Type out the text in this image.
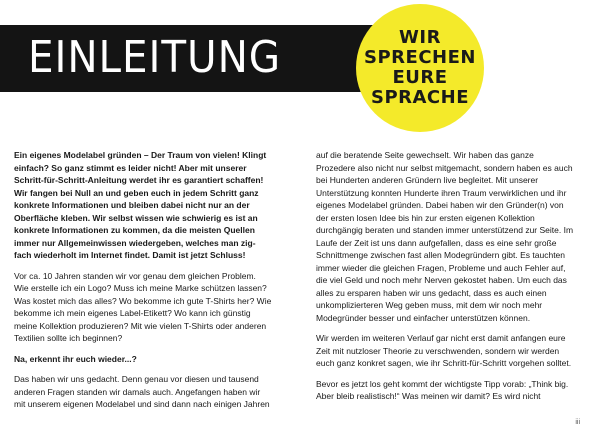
EINLEITUNG	WIR
SPRECHEN
EURE
SPRACHE

Ein eigenes Modelabel gründen – Der Traum von vielen! Klingt einfach? So ganz stimmt es leider nicht! Aber mit unserer Schritt-für-Schritt-Anleitung werdet ihr es garantiert schaffen! Wir fangen bei Null an und geben euch in jedem Schritt ganz konkrete Informationen und bleiben dabei nicht nur an der Oberfläche kleben. Wir selbst wissen wie schwierig es ist an konkrete Informationen zu kommen, da die meisten Quellen immer nur Allgemeinwissen wiedergeben, welches man zig-fach wiederholt im Internet findet. Damit ist jetzt Schluss!

Vor ca. 10 Jahren standen wir vor genau dem gleichen Problem. Wie erstelle ich ein Logo? Muss ich meine Marke schützen lassen? Was kostet mich das alles? Wo bekomme ich gute T-Shirts her? Wie bekomme ich mein eigenes Label-Etikett? Wo kann ich günstig meine Kollektion produzieren? Mit wie vielen T-Shirts oder anderen Textilien sollte ich beginnen?

Na, erkennt ihr euch wieder...?

Das haben wir uns gedacht. Denn genau vor diesen und tausend anderen Fragen standen wir damals auch. Angefangen haben wir mit unserem eigenen Modelabel und sind dann nach einigen Jahren

auf die beratende Seite gewechselt. Wir haben das ganze Prozedere also nicht nur selbst mitgemacht, sondern haben es auch bei Hunderten anderen Gründern live begleitet. Mit unserer Unterstützung konnten Hunderte ihren Traum verwirklichen und ihr eigenes Modelabel gründen. Dabei haben wir den Gründer(n) von der ersten losen Idee bis hin zur ersten eigenen Kollektion durchgängig beraten und standen immer unterstützend zur Seite. Im Laufe der Zeit ist uns dann aufgefallen, dass es eine sehr große Schnittmenge zwischen fast allen Modegründern gibt. Es tauchten immer wieder die gleichen Fragen, Probleme und auch Fehler auf, die viel Geld und noch mehr Nerven gekostet haben. Um euch das alles zu ersparen haben wir uns gedacht, dass es auch einen unkomplizierteren Weg geben muss, mit dem wir noch mehr Modegründer besser und einfacher unterstützen können.

Wir werden im weiteren Verlauf gar nicht erst damit anfangen eure Zeit mit nutzloser Theorie zu verschwenden, sondern wir werden euch ganz konkret sagen, wie ihr Schritt-für-Schritt vorgehen solltet.

Bevor es jetzt los geht kommt der wichtigste Tipp vorab: „Think big. Aber bleib realistisch!“ Was meinen wir damit? Es wird nicht

iii
